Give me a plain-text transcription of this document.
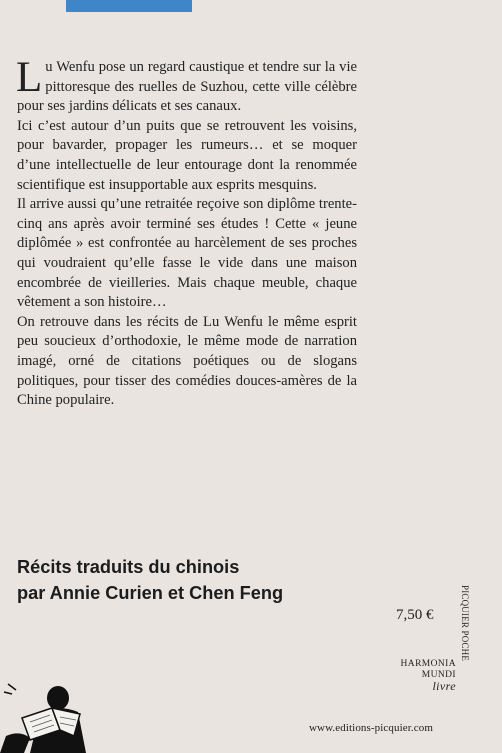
Lu Wenfu pose un regard caustique et tendre sur la vie pittoresque des ruelles de Suzhou, cette ville célèbre pour ses jardins délicats et ses canaux.

Ici c’est autour d’un puits que se retrouvent les voisins, pour bavarder, propager les rumeurs… et se moquer d’une intellectuelle de leur entourage dont la renommée scientifique est insupportable aux esprits mesquins.

Il arrive aussi qu’une retraitée reçoive son diplôme trente-cinq ans après avoir terminé ses études ! Cette « jeune diplômée » est confrontée au harcèlement de ses proches qui voudraient qu’elle fasse le vide dans une maison encombrée de vieilleries. Mais chaque meuble, chaque vêtement a son histoire…

On retrouve dans les récits de Lu Wenfu le même esprit peu soucieux d’orthodoxie, le même mode de narration imagé, orné de citations poétiques ou de slogans politiques, pour tisser des comédies douces-amères de la Chine populaire.

Récits traduits du chinois
par Annie Curien et Chen Feng
7,50 €	PICQUIER POCHE
HARMONIA MUNDI
livre
www.editions-picquier.com
